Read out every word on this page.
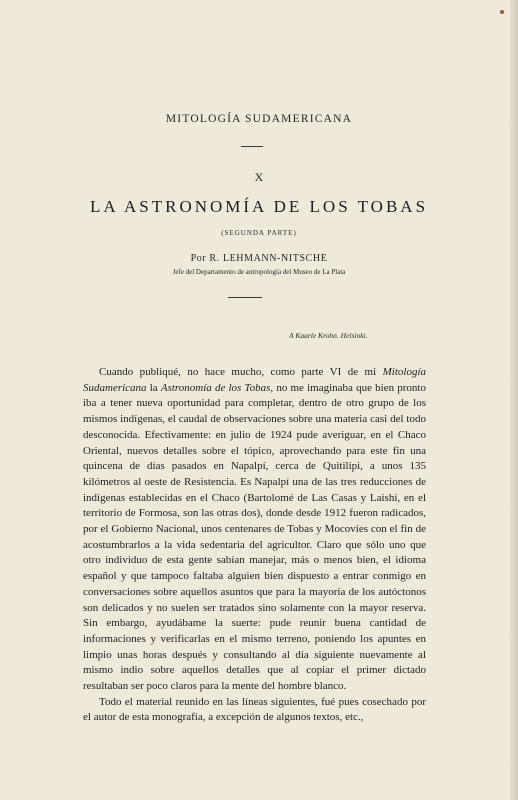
MITOLOGÍA SUDAMERICANA
X
LA ASTRONOMÍA DE LOS TOBAS
(SEGUNDA PARTE)
Por R. LEHMANN-NITSCHE
Jefe del Departamento de antropología del Museo de La Plata
A Kaarle Krohn. Helsinki.

Cuando publiqué, no hace mucho, como parte VI de mi Mitología Sudamericana la Astronomía de los Tobas, no me imaginaba que bien pronto iba a tener nueva oportunidad para completar, dentro de otro grupo de los mismos indígenas, el caudal de observaciones sobre una materia casi del todo desconocida. Efectivamente: en julio de 1924 pude averiguar, en el Chaco Oriental, nuevos detalles sobre el tópico, aprovechando para este fin una quincena de días pasados en Napalpí, cerca de Quitilipi, a unos 135 kilómetros al oeste de Resistencia. Es Napalpí una de las tres reducciones de indígenas establecidas en el Chaco (Bartolomé de Las Casas y Laishí, en el territorio de Formosa, son las otras dos), donde desde 1912 fueron radicados, por el Gobierno Nacional, unos centenares de Tobas y Mocovíes con el fin de acostumbrarlos a la vida sedentaria del agricultor. Claro que sólo uno que otro individuo de esta gente sabían manejar, más o menos bien, el idioma español y que tampoco faltaba alguien bien dispuesto a entrar conmigo en conversaciones sobre aquellos asuntos que para la mayoría de los autóctonos son delicados y no suelen ser tratados sino solamente con la mayor reserva. Sin embargo, ayudábame la suerte: pude reunir buena cantidad de informaciones y verificarlas en el mismo terreno, poniendo los apuntes en limpio unas horas después y consultando al día siguiente nuevamente al mismo indio sobre aquellos detalles que al copiar el primer dictado resultaban ser poco claros para la mente del hombre blanco.

Todo el material reunido en las líneas siguientes, fué pues cosechado por el autor de esta monografía, a excepción de algunos textos, etc.,
